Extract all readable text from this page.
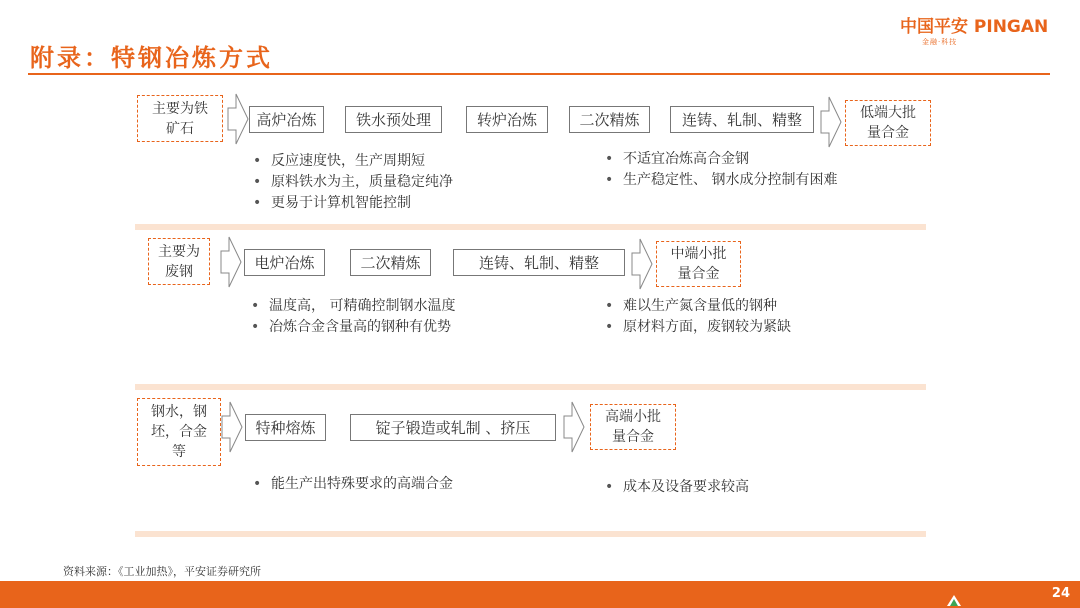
附录：特钢冶炼方式
中国平安 PINGAN
金融·科技
主要为铁
矿石	高炉冶炼	铁水预处理	转炉冶炼	二次精炼	连铸、轧制、精整	低端大批
量合金
• 反应速度快，生产周期短
• 原料铁水为主，质量稳定纯净
• 更易于计算机智能控制
• 不适宜冶炼高合金钢
• 生产稳定性、 钢水成分控制有困难
主要为
废钢	电炉冶炼	二次精炼	连铸、轧制、精整	中端小批
量合金
• 温度高， 可精确控制钢水温度
• 冶炼合金含量高的钢种有优势
• 难以生产氮含量低的钢种
• 原材料方面，废钢较为紧缺
钢水，钢
坯，合金
等
特种熔炼	锭子锻造或轧制 、挤压
高端小批
量合金
• 能生产出特殊要求的高端合金
•	成本及设备要求较高
资料来源：《工业加热》，平安证券研究所
24
